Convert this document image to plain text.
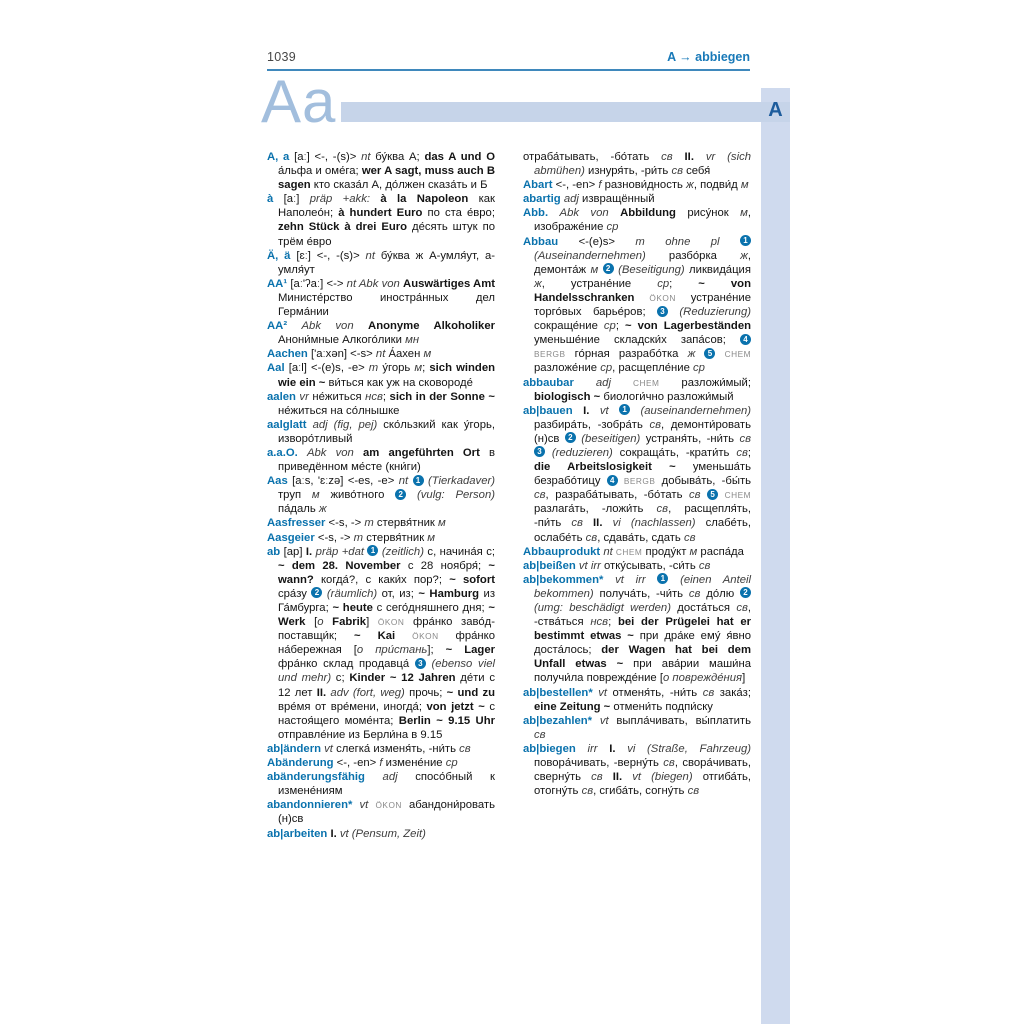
1039	A → abbiegen
A
Aa

A, a [aː] <-, -(s)> nt бу́ква A; das A und O а́льфа и оме́га; wer A sagt, muss auch B sagen кто сказа́л A, до́лжен сказа́ть и Б

à [aː] präp +akk: à la Napoleon как Наполео́н; à hundert Euro по ста е́вро; zehn Stück à drei Euro де́сять штук по трём е́вро

Ä, ä [ɛː] <-, -(s)> nt бу́ква ж A-умля́ут, а-умля́ут

AA¹ [aː'ʔaː] <-> nt Abk von Auswärtiges Amt Министе́рство иностра́нных дел Герма́нии

AA² Abk von Anonyme Alkoholiker Анони́мные Алкого́лики мн

Aachen ['aːxən] <-s> nt А́ахен м

Aal [aːl] <-(e)s, -e> m у́горь м; sich winden wie ein ~ ви́ться как уж на сковороде́

aalen vr не́житься нсв; sich in der Sonne ~ не́житься на со́лнышке

aalglatt adj (fig, pej) ско́льзкий как у́горь, изворо́тливый

a.a.O. Abk von am angeführten Ort в приведённом ме́сте (кни́ги)

Aas [aːs, 'ɛːzə] <-es, -e> nt 1 (Tierkadaver) труп м живо́тного 2 (vulg: Person) па́даль ж

Aasfresser <-s, -> m стервя́тник м

Aasgeier <-s, -> m стервя́тник м

ab [ap] I. präp +dat 1 (zeitlich) с, начина́я с; ~ dem 28. November с 28 ноября́; ~ wann? когда́?, с каки́х пор?; ~ sofort сра́зу 2 (räumlich) от, из; ~ Hamburg из Га́мбурга; ~ heute с сего́дняшнего дня; ~ Werk [o Fabrik] ÖKON фра́нко заво́д-поставщи́к; ~ Kai ÖKON фра́нко на́бережная [о при́стань]; ~ Lager фра́нко склад продавца́ 3 (ebenso viel und mehr) с; Kinder ~ 12 Jahren де́ти с 12 лет II. adv (fort, weg) прочь; ~ und zu вре́мя от вре́мени, иногда́; von jetzt ~ с настоя́щего моме́нта; Berlin ~ 9.15 Uhr отправле́ние из Берли́на в 9.15

ab|ändern vt слегка́ изменя́ть, -ни́ть св

Abänderung <-, -en> f измене́ние ср

abänderungsfähig adj спосо́бный к измене́ниям

abandonnieren* vt ÖKON абандони́ровать (н)св

ab|arbeiten I. vt (Pensum, Zeit)

отраба́тывать, -бо́тать св II. vr (sich abmühen) изнуря́ть, -ри́ть св себя́

Abart <-, -en> f разнови́дность ж, подви́д м

abartig adj извращённый

Abb. Abk von Abbildung рису́нок м, изображе́ние ср

Abbau <-(e)s> m ohne pl	1 (Auseinandernehmen) разбо́рка ж, демонта́ж м 2 (Beseitigung) ликвида́ция ж, устране́ние ср; ~ von Handelsschranken ÖKON устране́ние торго́вых барье́ров; 3 (Reduzierung) сокраще́ние ср; ~ von Lagerbeständen уменьше́ние складски́х запа́сов; 4 BERGB го́рная разрабо́тка ж 5 CHEM разложе́ние ср, расщепле́ние ср

abbaubar adj	CHEM разложи́мый; biologisch ~ биологи́чно разложи́мый

ab|bauen I. vt 1 (auseinandernehmen) разбира́ть, -зобра́ть св, демонти́ровать (н)св 2 (beseitigen) устраня́ть, -ни́ть св 3 (reduzieren) сокраща́ть, -крати́ть св; die Arbeitslosigkeit ~ уменьша́ть безрабо́тицу 4 BERGB добыва́ть, -бы́ть св, разраба́тывать, -бо́тать св 5 CHEM разлага́ть, -ложи́ть св, расщепля́ть, -пи́ть св II. vi (nachlassen) слабе́ть, ослабе́ть св, сдава́ть, сдать св

Abbauprodukt nt CHEM проду́кт м распа́да

ab|beißen vt irr отку́сывать, -си́ть св

ab|bekommen* vt irr 1 (einen Anteil bekommen) получа́ть, -чи́ть св до́лю 2 (umg: beschädigt werden) доста́ться св, -ства́ться нсв; bei der Prügelei hat er bestimmt etwas ~ при дра́ке ему́ я́вно доста́лось; der Wagen hat bei dem Unfall etwas ~ при ава́рии маши́на получи́ла поврежде́ние [о поврежде́ния]

ab|bestellen* vt отменя́ть, -ни́ть св зака́з; eine Zeitung ~ отмени́ть подпи́ску

ab|bezahlen* vt выпла́чивать, вы́платить св

ab|biegen irr I. vi (Straße, Fahrzeug) повора́чивать, -верну́ть св, свора́чивать, сверну́ть св II. vt (biegen) отгиба́ть, отогну́ть св, сгиба́ть, согну́ть св
